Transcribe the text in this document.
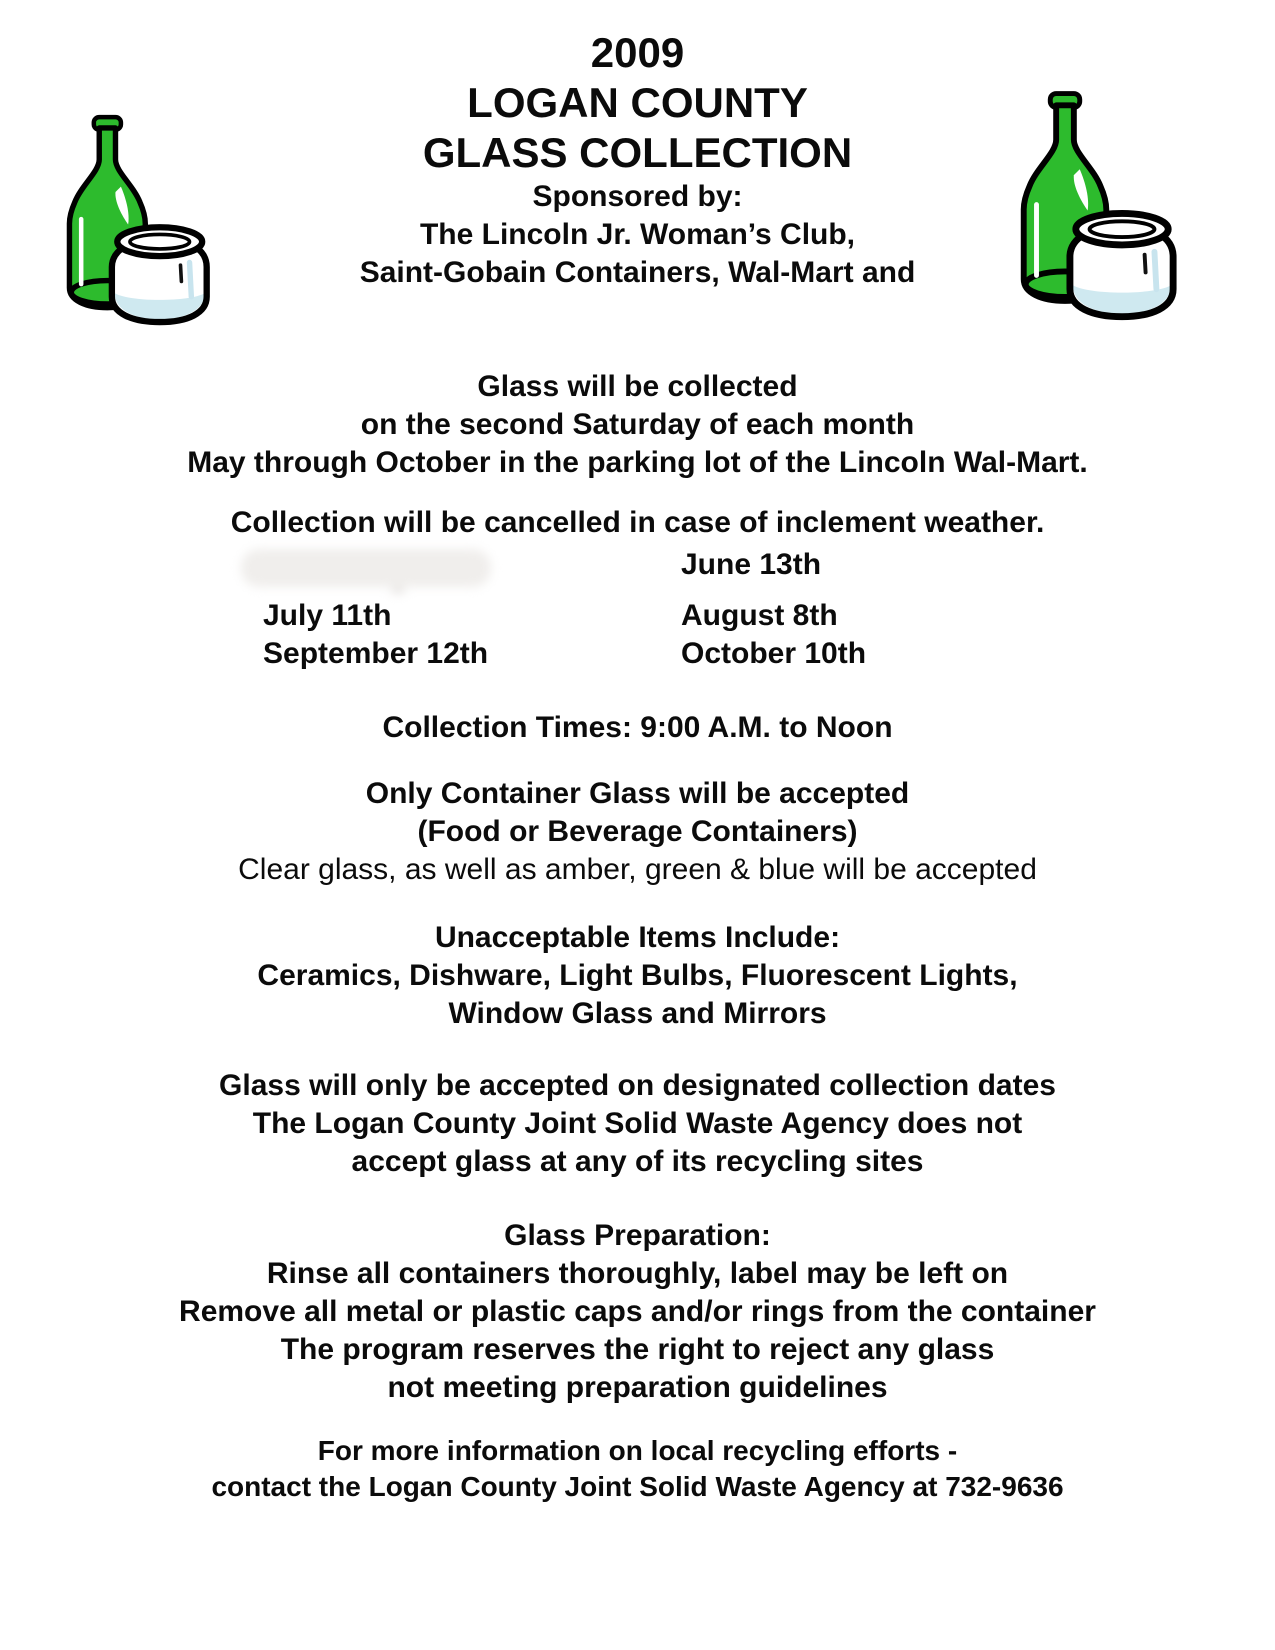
2009
LOGAN COUNTY
GLASS COLLECTION
Sponsored by:
The Lincoln Jr. Woman’s Club,
Saint-Gobain Containers, Wal-Mart and
Glass will be collected
on the second Saturday of each month
May through October in the parking lot of the Lincoln Wal-Mart.
Collection will be cancelled in case of inclement weather.
June 13th
July 11th	August 8th
September 12th	October 10th
Collection Times: 9:00 A.M. to Noon
Only Container Glass will be accepted
(Food or Beverage Containers)
Clear glass, as well as amber, green & blue will be accepted
Unacceptable Items Include:
Ceramics, Dishware, Light Bulbs, Fluorescent Lights,
Window Glass and Mirrors
Glass will only be accepted on designated collection dates
The Logan County Joint Solid Waste Agency does not
accept glass at any of its recycling sites
Glass Preparation:
Rinse all containers thoroughly, label may be left on
Remove all metal or plastic caps and/or rings from the container
The program reserves the right to reject any glass
not meeting preparation guidelines
For more information on local recycling efforts -
contact the Logan County Joint Solid Waste Agency at 732-9636
